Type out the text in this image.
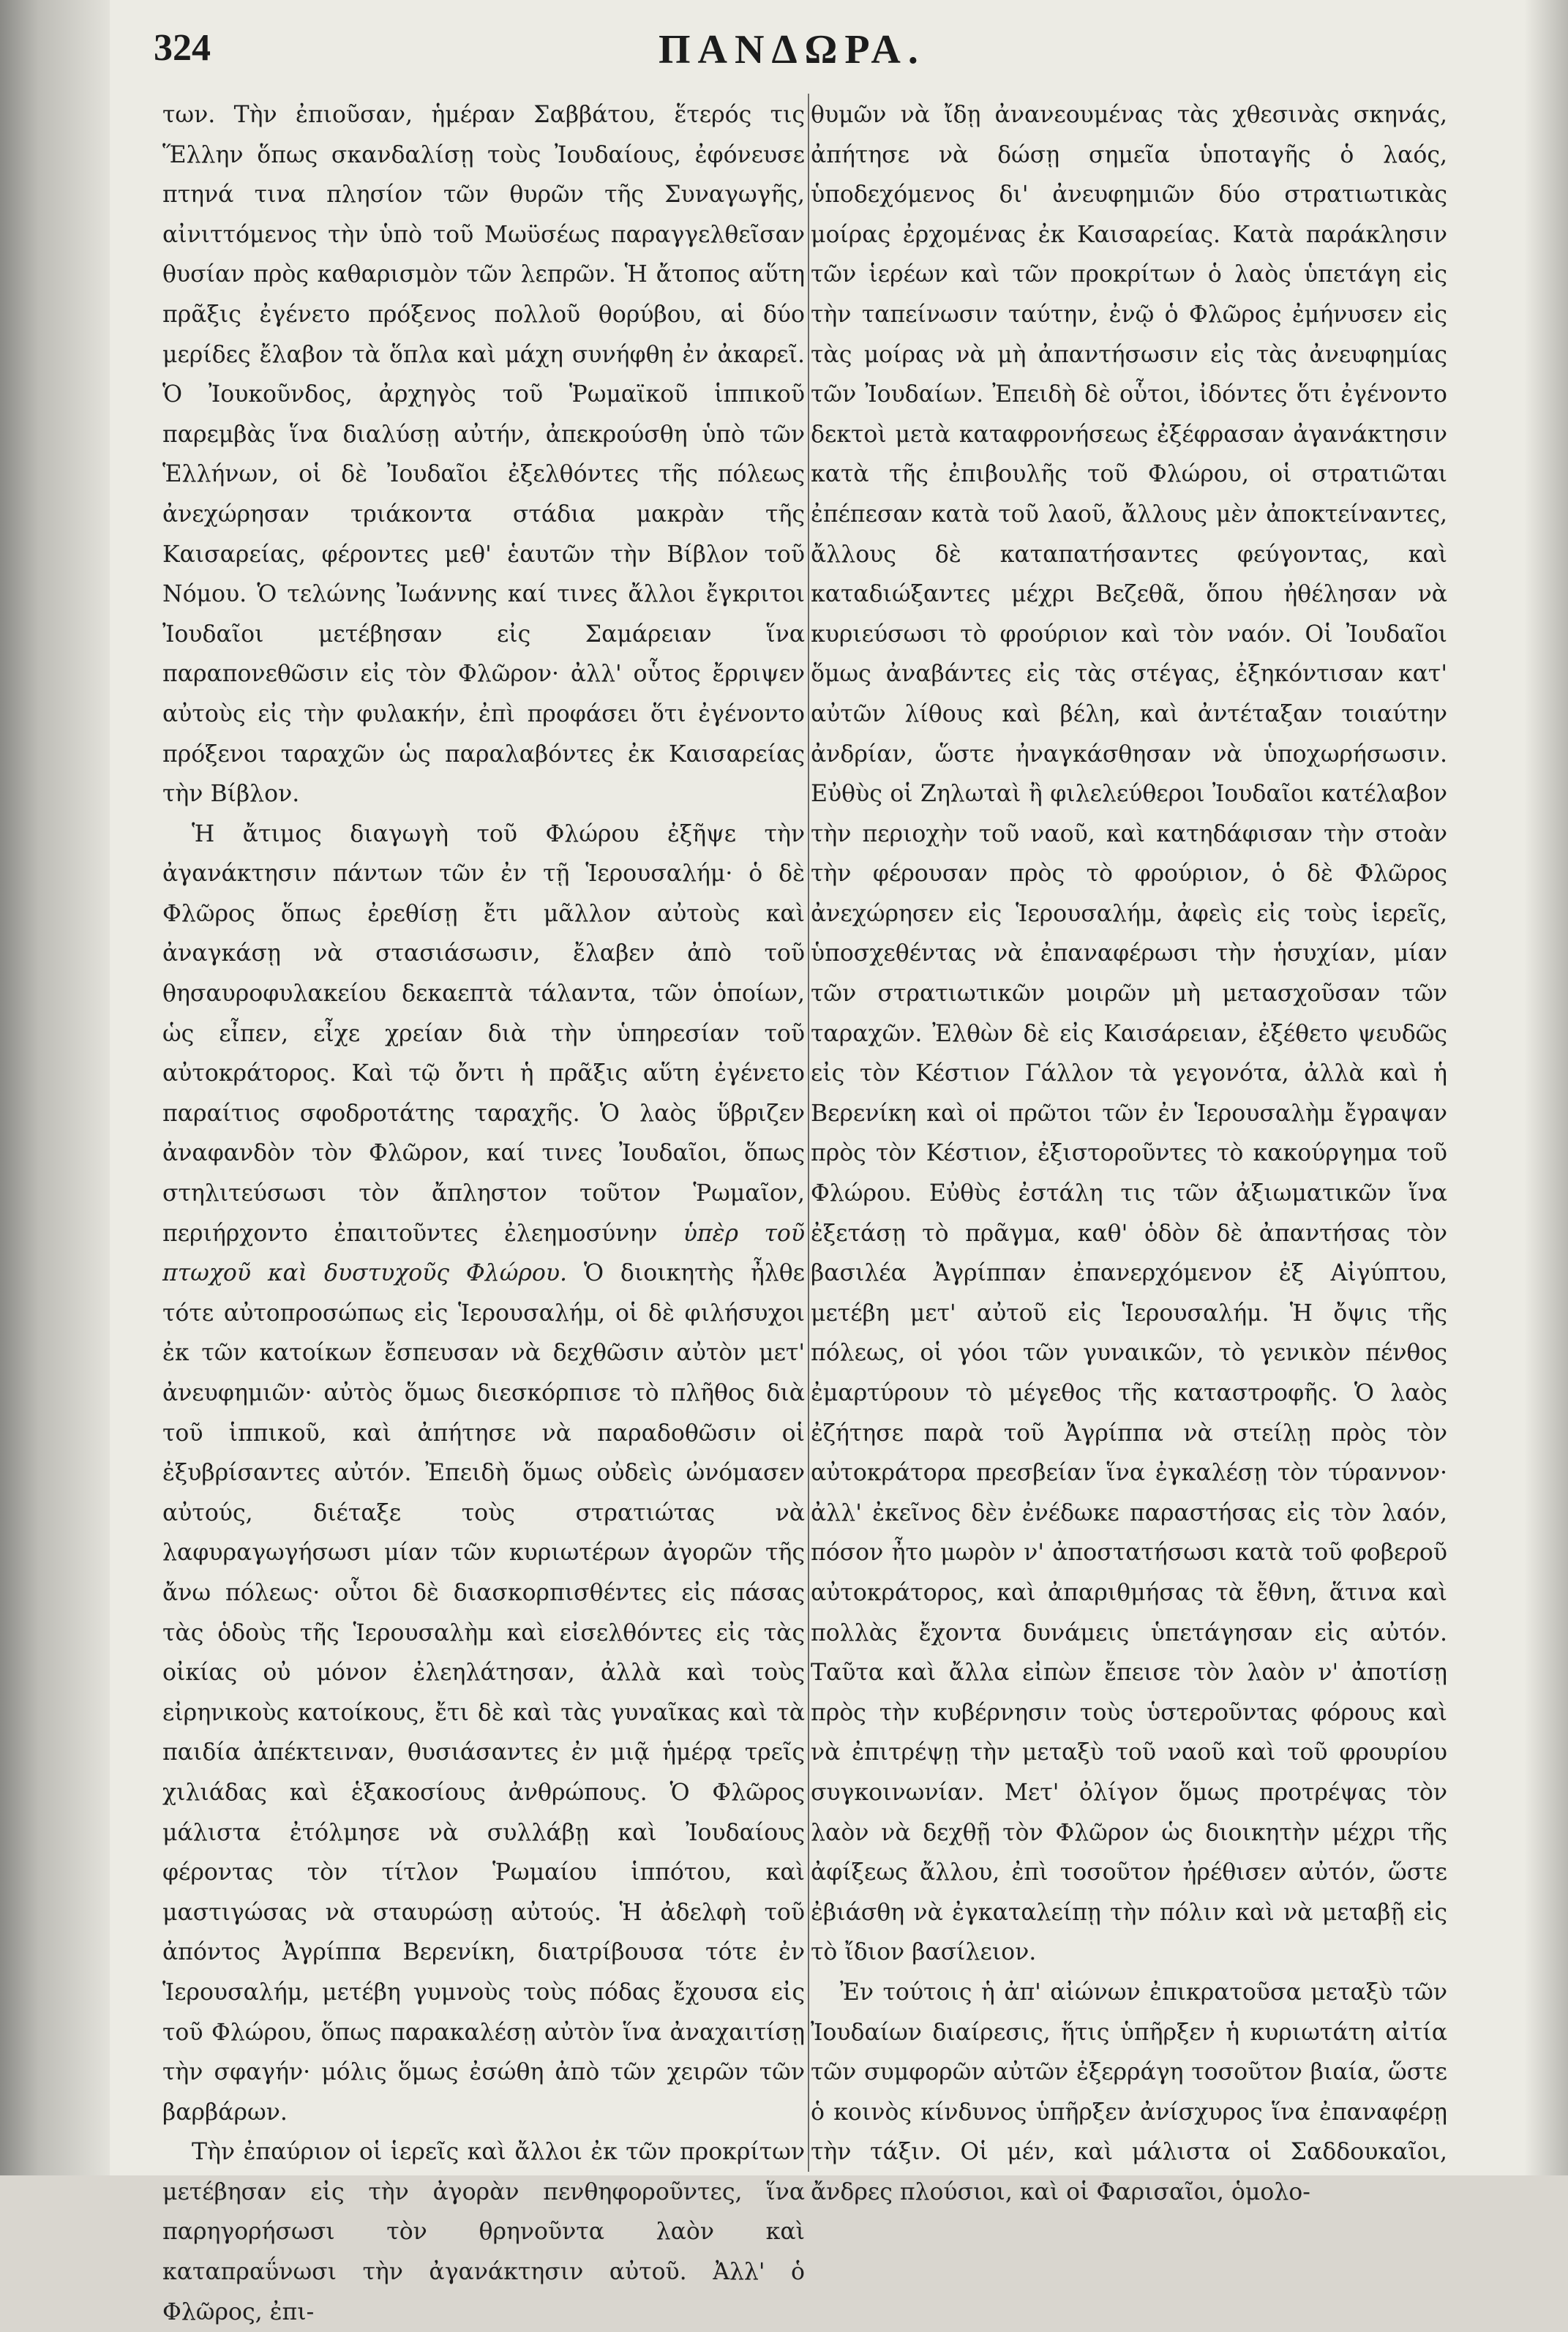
324	ΠΑΝΔΩΡΑ.

των. Τὴν ἐπιοῦσαν, ἡμέραν Σαββάτου, ἕτερός τις Ἕλλην ὅπως σκανδαλίσῃ τοὺς Ἰουδαίους, ἐφόνευσε πτηνά τινα πλησίον τῶν θυρῶν τῆς Συναγωγῆς, αἰνιττόμενος τὴν ὑπὸ τοῦ Μωϋσέως παραγγελθεῖσαν θυσίαν πρὸς καθαρισμὸν τῶν λεπρῶν. Ἡ ἄτοπος αὕτη πρᾶξις ἐγένετο πρόξενος πολλοῦ θορύβου, αἱ δύο μερίδες ἔλαβον τὰ ὅπλα καὶ μάχη συνήφθη ἐν ἀκαρεῖ. Ὁ Ἰουκοῦνδος, ἀρχηγὸς τοῦ Ῥωμαϊκοῦ ἱππικοῦ παρεμβὰς ἵνα διαλύσῃ αὐτήν, ἀπεκρούσθη ὑπὸ τῶν Ἑλλήνων, οἱ δὲ Ἰουδαῖοι ἐξελθόντες τῆς πόλεως ἀνεχώρησαν τριάκοντα στάδια μακρὰν τῆς Καισαρείας, φέροντες μεθ' ἑαυτῶν τὴν Βίβλον τοῦ Νόμου. Ὁ τελώνης Ἰωάννης καί τινες ἄλλοι ἔγκριτοι Ἰουδαῖοι μετέβησαν εἰς Σαμάρειαν ἵνα παραπονεθῶσιν εἰς τὸν Φλῶρον· ἀλλ' οὗτος ἔρριψεν αὐτοὺς εἰς τὴν φυλακήν, ἐπὶ προφάσει ὅτι ἐγένοντο πρόξενοι ταραχῶν ὡς παραλαβόντες ἐκ Καισαρείας τὴν Βίβλον.

Ἡ ἄτιμος διαγωγὴ τοῦ Φλώρου ἐξῆψε τὴν ἀγανάκτησιν πάντων τῶν ἐν τῇ Ἱερουσαλήμ· ὁ δὲ Φλῶρος ὅπως ἐρεθίσῃ ἔτι μᾶλλον αὐτοὺς καὶ ἀναγκάσῃ νὰ στασιάσωσιν, ἔλαβεν ἀπὸ τοῦ θησαυροφυλακείου δεκαεπτὰ τάλαντα, τῶν ὁποίων, ὡς εἶπεν, εἶχε χρείαν διὰ τὴν ὑπηρεσίαν τοῦ αὐτοκράτορος. Καὶ τῷ ὄντι ἡ πρᾶξις αὕτη ἐγένετο παραίτιος σφοδροτάτης ταραχῆς. Ὁ λαὸς ὕβριζεν ἀναφανδὸν τὸν Φλῶρον, καί τινες Ἰουδαῖοι, ὅπως στηλιτεύσωσι τὸν ἄπληστον τοῦτον Ῥωμαῖον, περιήρχοντο ἐπαιτοῦντες ἐλεημοσύνην ὑπὲρ τοῦ πτωχοῦ καὶ δυστυχοῦς Φλώρου. Ὁ διοικητὴς ἦλθε τότε αὐτοπροσώπως εἰς Ἱερουσαλήμ, οἱ δὲ φιλήσυχοι ἐκ τῶν κατοίκων ἔσπευσαν νὰ δεχθῶσιν αὐτὸν μετ' ἀνευφημιῶν· αὐτὸς ὅμως διεσκόρπισε τὸ πλῆθος διὰ τοῦ ἱππικοῦ, καὶ ἀπήτησε νὰ παραδοθῶσιν οἱ ἐξυβρίσαντες αὐτόν. Ἐπειδὴ ὅμως οὐδεὶς ὠνόμασεν αὐτούς, διέταξε τοὺς στρατιώτας νὰ λαφυραγωγήσωσι μίαν τῶν κυριωτέρων ἀγορῶν τῆς ἄνω πόλεως· οὗτοι δὲ διασκορπισθέντες εἰς πάσας τὰς ὁδοὺς τῆς Ἱερουσαλὴμ καὶ εἰσελθόντες εἰς τὰς οἰκίας οὐ μόνον ἐλεηλάτησαν, ἀλλὰ καὶ τοὺς εἰρηνικοὺς κατοίκους, ἔτι δὲ καὶ τὰς γυναῖκας καὶ τὰ παιδία ἀπέκτειναν, θυσιάσαντες ἐν μιᾷ ἡμέρᾳ τρεῖς χιλιάδας καὶ ἑξακοσίους ἀνθρώπους. Ὁ Φλῶρος μάλιστα ἐτόλμησε νὰ συλλάβῃ καὶ Ἰουδαίους φέροντας τὸν τίτλον Ῥωμαίου ἱππότου, καὶ μαστιγώσας νὰ σταυρώσῃ αὐτούς. Ἡ ἀδελφὴ τοῦ ἀπόντος Ἀγρίππα Βερενίκη, διατρίβουσα τότε ἐν Ἱερουσαλήμ, μετέβη γυμνοὺς τοὺς πόδας ἔχουσα εἰς τοῦ Φλώρου, ὅπως παρακαλέσῃ αὐτὸν ἵνα ἀναχαιτίσῃ τὴν σφαγήν· μόλις ὅμως ἐσώθη ἀπὸ τῶν χειρῶν τῶν βαρβάρων.

Τὴν ἐπαύριον οἱ ἱερεῖς καὶ ἄλλοι ἐκ τῶν προκρίτων μετέβησαν εἰς τὴν ἀγορὰν πενθηφοροῦντες, ἵνα παρηγορήσωσι τὸν θρηνοῦντα λαὸν καὶ καταπραΰνωσι τὴν ἀγανάκτησιν αὐτοῦ. Ἀλλ' ὁ Φλῶρος, ἐπι-

θυμῶν νὰ ἴδῃ ἀνανεουμένας τὰς χθεσινὰς σκηνάς, ἀπήτησε νὰ δώσῃ σημεῖα ὑποταγῆς ὁ λαός, ὑποδεχόμενος δι' ἀνευφημιῶν δύο στρατιωτικὰς μοίρας ἐρχομένας ἐκ Καισαρείας. Κατὰ παράκλησιν τῶν ἱερέων καὶ τῶν προκρίτων ὁ λαὸς ὑπετάγη εἰς τὴν ταπείνωσιν ταύτην, ἐνῷ ὁ Φλῶρος ἐμήνυσεν εἰς τὰς μοίρας νὰ μὴ ἀπαντήσωσιν εἰς τὰς ἀνευφημίας τῶν Ἰουδαίων. Ἐπειδὴ δὲ οὗτοι, ἰδόντες ὅτι ἐγένοντο δεκτοὶ μετὰ καταφρονήσεως ἐξέφρασαν ἀγανάκτησιν κατὰ τῆς ἐπιβουλῆς τοῦ Φλώρου, οἱ στρατιῶται ἐπέπεσαν κατὰ τοῦ λαοῦ, ἄλλους μὲν ἀποκτείναντες, ἄλλους δὲ καταπατήσαντες φεύγοντας, καὶ καταδιώξαντες μέχρι Βεζεθᾶ, ὅπου ἠθέλησαν νὰ κυριεύσωσι τὸ φρούριον καὶ τὸν ναόν. Οἱ Ἰουδαῖοι ὅμως ἀναβάντες εἰς τὰς στέγας, ἐξηκόντισαν κατ' αὐτῶν λίθους καὶ βέλη, καὶ ἀντέταξαν τοιαύτην ἀνδρίαν, ὥστε ἠναγκάσθησαν νὰ ὑποχωρήσωσιν. Εὐθὺς οἱ Ζηλωταὶ ἢ φιλελεύθεροι Ἰουδαῖοι κατέλαβον τὴν περιοχὴν τοῦ ναοῦ, καὶ κατηδάφισαν τὴν στοὰν τὴν φέρουσαν πρὸς τὸ φρούριον, ὁ δὲ Φλῶρος ἀνεχώρησεν εἰς Ἱερουσαλήμ, ἀφεὶς εἰς τοὺς ἱερεῖς, ὑποσχεθέντας νὰ ἐπαναφέρωσι τὴν ἡσυχίαν, μίαν τῶν στρατιωτικῶν μοιρῶν μὴ μετασχοῦσαν τῶν ταραχῶν. Ἐλθὼν δὲ εἰς Καισάρειαν, ἐξέθετο ψευδῶς εἰς τὸν Κέστιον Γάλλον τὰ γεγονότα, ἀλλὰ καὶ ἡ Βερενίκη καὶ οἱ πρῶτοι τῶν ἐν Ἱερουσαλὴμ ἔγραψαν πρὸς τὸν Κέστιον, ἐξιστοροῦντες τὸ κακούργημα τοῦ Φλώρου. Εὐθὺς ἐστάλη τις τῶν ἀξιωματικῶν ἵνα ἐξετάσῃ τὸ πρᾶγμα, καθ' ὁδὸν δὲ ἀπαντήσας τὸν βασιλέα Ἀγρίππαν ἐπανερχόμενον ἐξ Αἰγύπτου, μετέβη μετ' αὐτοῦ εἰς Ἱερουσαλήμ. Ἡ ὄψις τῆς πόλεως, οἱ γόοι τῶν γυναικῶν, τὸ γενικὸν πένθος ἐμαρτύρουν τὸ μέγεθος τῆς καταστροφῆς. Ὁ λαὸς ἐζήτησε παρὰ τοῦ Ἀγρίππα νὰ στείλῃ πρὸς τὸν αὐτοκράτορα πρεσβείαν ἵνα ἐγκαλέσῃ τὸν τύραννον· ἀλλ' ἐκεῖνος δὲν ἐνέδωκε παραστήσας εἰς τὸν λαόν, πόσον ἦτο μωρὸν ν' ἀποστατήσωσι κατὰ τοῦ φοβεροῦ αὐτοκράτορος, καὶ ἀπαριθμήσας τὰ ἔθνη, ἅτινα καὶ πολλὰς ἔχοντα δυνάμεις ὑπετάγησαν εἰς αὐτόν. Ταῦτα καὶ ἄλλα εἰπὼν ἔπεισε τὸν λαὸν ν' ἀποτίσῃ πρὸς τὴν κυβέρνησιν τοὺς ὑστεροῦντας φόρους καὶ νὰ ἐπιτρέψῃ τὴν μεταξὺ τοῦ ναοῦ καὶ τοῦ φρουρίου συγκοινωνίαν. Μετ' ὀλίγον ὅμως προτρέψας τὸν λαὸν νὰ δεχθῇ τὸν Φλῶρον ὡς διοικητὴν μέχρι τῆς ἀφίξεως ἄλλου, ἐπὶ τοσοῦτον ἠρέθισεν αὐτόν, ὥστε ἐβιάσθη νὰ ἐγκαταλείπῃ τὴν πόλιν καὶ νὰ μεταβῇ εἰς τὸ ἴδιον βασίλειον.

Ἐν τούτοις ἡ ἀπ' αἰώνων ἐπικρατοῦσα μεταξὺ τῶν Ἰουδαίων διαίρεσις, ἥτις ὑπῆρξεν ἡ κυριωτάτη αἰτία τῶν συμφορῶν αὐτῶν ἐξερράγη τοσοῦτον βιαία, ὥστε ὁ κοινὸς κίνδυνος ὑπῆρξεν ἀνίσχυρος ἵνα ἐπαναφέρῃ τὴν τάξιν. Οἱ μέν, καὶ μάλιστα οἱ Σαδδουκαῖοι, ἄνδρες πλούσιοι, καὶ οἱ Φαρισαῖοι, ὁμολο-
